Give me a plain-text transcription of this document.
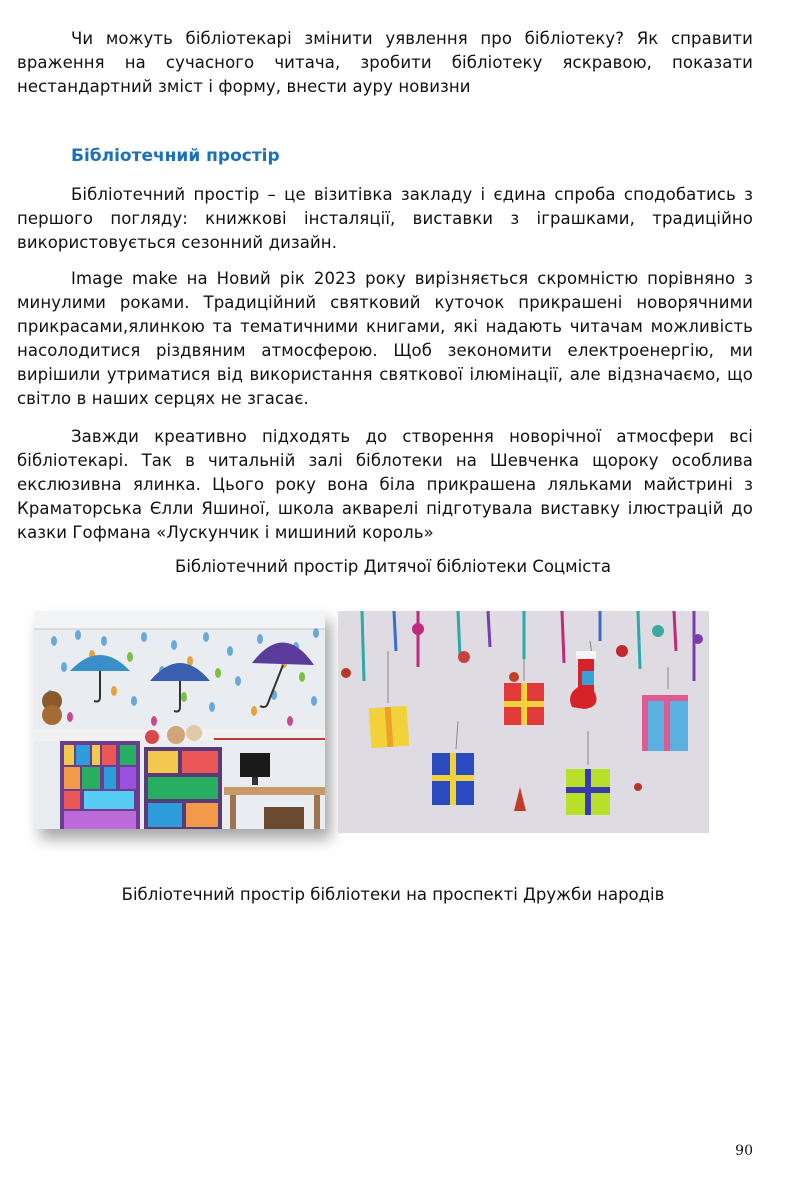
Чи можуть бібліотекарі змінити уявлення про бібліотеку? Як справити враження на сучасного читача, зробити бібліотеку яскравою, показати нестандартний зміст і форму, внести ауру новизни

Бібліотечний простір

Бібліотечний простір – це візитівка закладу і єдина спроба сподобатись з першого погляду: книжкові інсталяції, виставки з іграшками, традиційно використовується сезонний дизайн.

Image make на Новий рік 2023 року вирізняється скромністю порівняно з минулими роками. Традиційний святковий куточок прикрашені новорячними прикрасами,ялинкою та тематичними книгами, які надають читачам можливість насолодитися різдвяним атмосферою. Щоб зекономити електроенергію, ми вирішили утриматися від використання святкової ілюмінації, але відзначаємо, що світло в наших серцях не згасає.

Завжди креативно підходять до створення новорічної атмосфери всі бібліотекарі. Так в читальній залі біблотеки на Шевченка щороку особлива екслюзивна ялинка. Цього року вона біла прикрашена ляльками майстрині з Краматорська Єлли Яшиної, школа акварелі підготувала виставку ілюстрацій до казки Гофмана «Лускунчик і мишиний король»

Бібліотечний простір Дитячої бібліотеки Соцміста

Бібліотечний простір бібліотеки на проспекті Дружби народів

90
